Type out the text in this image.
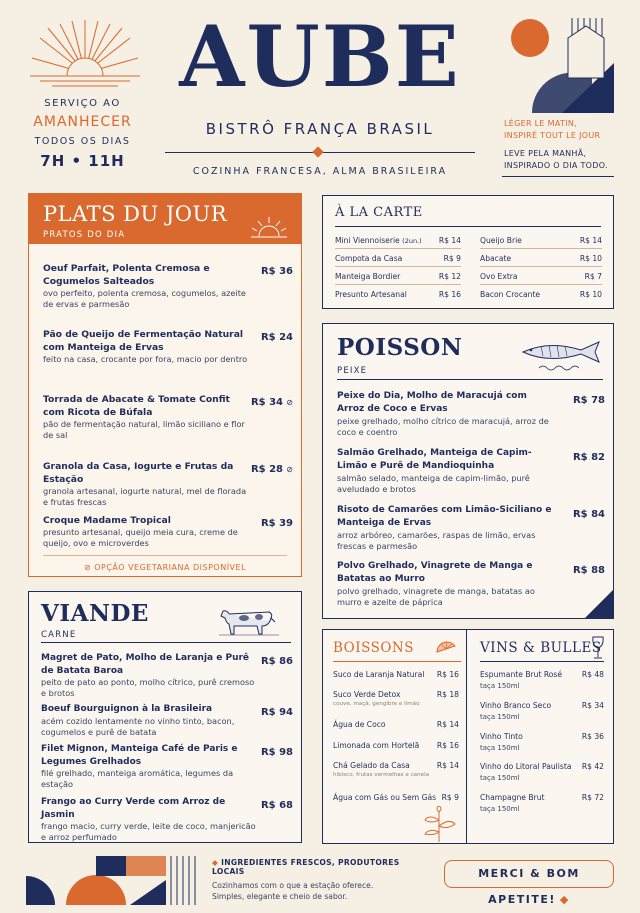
SERVIÇO AO
AMANHECER
TODOS OS DIAS
7H • 11H
AUBE
BISTRÔ FRANÇA BRASIL
COZINHA FRANCESA, ALMA BRASILEIRA
LÉGER LE MATIN,
INSPIRÉ TOUT LE JOUR
LEVE PELA MANHÃ,
INSPIRADO O DIA TODO.
PLATS DU JOUR
PRATOS DO DIA
Oeuf Parfait, Polenta Cremosa e Cogumelos Salteados
ovo perfeito, polenta cremosa, cogumelos, azeite de ervas e parmesão
R$ 36
Pão de Queijo de Fermentação Natural com Manteiga de Ervas
feito na casa, crocante por fora, macio por dentro
R$ 24
Torrada de Abacate & Tomate Confit com Ricota de Búfala
pão de fermentação natural, limão siciliano e flor de sal
R$ 34 ⊘
Granola da Casa, Iogurte e Frutas da Estação
granola artesanal, iogurte natural, mel de florada e frutas frescas
R$ 28 ⊘
Croque Madame Tropical
presunto artesanal, queijo meia cura, creme de queijo, ovo e microverdes
R$ 39
⊘ OPÇÃO VEGETARIANA DISPONÍVEL
À LA CARTE
Mini Viennoiserie (2un.) R$ 14
Compota da Casa	R$ 9
Manteiga Bordier	R$ 12
Presunto Artesanal	R$ 16
Queijo Brie	R$ 14
Abacate	R$ 10
Ovo Extra	R$ 7
Bacon Crocante	R$ 10
POISSON
PEIXE
Peixe do Dia, Molho de Maracujá com Arroz de Coco e Ervas
peixe grelhado, molho cítrico de maracujá, arroz de coco e coentro
R$ 78
Salmão Grelhado, Manteiga de Capim-Limão e Purê de Mandioquinha
salmão selado, manteiga de capim-limão, purê aveludado e brotos
R$ 82
Risoto de Camarões com Limão-Siciliano e Manteiga de Ervas
arroz arbóreo, camarões, raspas de limão, ervas frescas e parmesão
R$ 84
Polvo Grelhado, Vinagrete de Manga e Batatas ao Murro
polvo grelhado, vinagrete de manga, batatas ao murro e azeite de páprica
R$ 88
VIANDE
CARNE
Magret de Pato, Molho de Laranja e Purê de Batata Baroa
peito de pato ao ponto, molho cítrico, purê cremoso e brotos
R$ 86
Boeuf Bourguignon à la Brasileira
acém cozido lentamente no vinho tinto, bacon, cogumelos e purê de batata
R$ 94
Filet Mignon, Manteiga Café de Paris e Legumes Grelhados
filé grelhado, manteiga aromática, legumes da estação
R$ 98
Frango ao Curry Verde com Arroz de Jasmin
frango macio, curry verde, leite de coco, manjericão e arroz perfumado
R$ 68
BOISSONS	VINS & BULLES
Suco de Laranja Natural R$ 16
Suco Verde Detox	R$ 18
couve, maçã, gengibre e limão
Água de Coco	R$ 14
Limonada com Hortelã R$ 16
Chá Gelado da Casa	R$ 14
hibisco, frutas vermelhas e canela
Água com Gás ou Sem Gás R$ 9
Espumante Brut Rosé	R$ 48
taça 150ml
Vinho Branco Seco	R$ 34
taça 150ml
Vinho Tinto	R$ 36
taça 150ml
Vinho do Litoral Paulista R$ 42
taça 150ml
Champagne Brut	R$ 72
taça 150ml
◆ INGREDIENTES FRESCOS, PRODUTORES LOCAIS
Cozinhamos com o que a estação oferece.
Simples, elegante e cheio de sabor.
MERCI & BOM APETITE! ◆
